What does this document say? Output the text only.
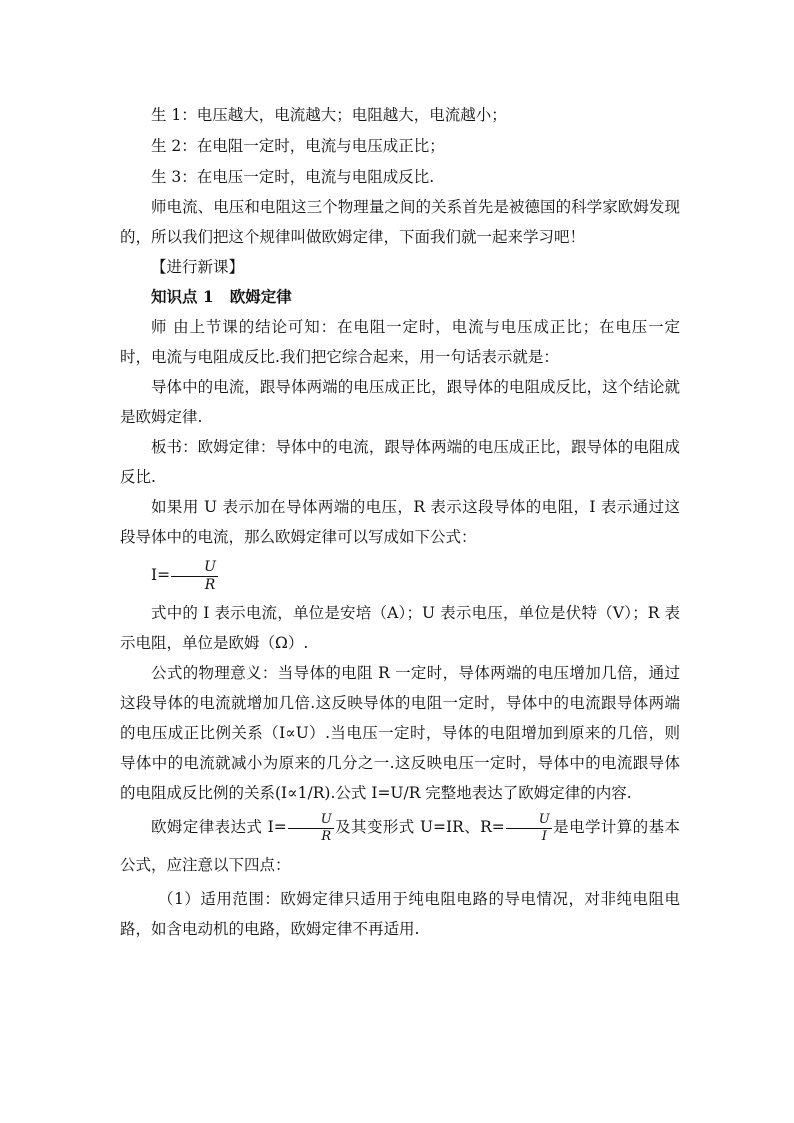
生 1：电压越大，电流越大；电阻越大，电流越小；

生 2：在电阻一定时，电流与电压成正比；

生 3：在电压一定时，电流与电阻成反比.

师电流、电压和电阻这三个物理量之间的关系首先是被德国的科学家欧姆发现的，所以我们把这个规律叫做欧姆定律，下面我们就一起来学习吧！

【进行新课】

知识点 1 欧姆定律

师 由上节课的结论可知：在电阻一定时，电流与电压成正比；在电压一定时，电流与电阻成反比.我们把它综合起来，用一句话表示就是：

导体中的电流，跟导体两端的电压成正比，跟导体的电阻成反比，这个结论就是欧姆定律.

板书：欧姆定律：导体中的电流，跟导体两端的电压成正比，跟导体的电阻成反比.

如果用 U 表示加在导体两端的电压，R 表示这段导体的电阻，I 表示通过这段导体中的电流，那么欧姆定律可以写成如下公式：

$I= \frac{U}{R}$

式中的 I 表示电流，单位是安培（A）；U 表示电压，单位是伏特（V）；R 表示电阻，单位是欧姆（Ω）.

公式的物理意义：当导体的电阻 R 一定时，导体两端的电压增加几倍，通过这段导体的电流就增加几倍.这反映导体的电阻一定时，导体中的电流跟导体两端的电压成正比例关系（I∝U）.当电压一定时，导体的电阻增加到原来的几倍，则导体中的电流就减小为原来的几分之一.这反映电压一定时，导体中的电流跟导体的电阻成反比例的关系(I∝1/R).公式 I=U/R 完整地表达了欧姆定律的内容.

欧姆定律表达式 $I= \frac{U}{R}$ 及其变形式 U=IR、$R= \frac{U}{I}$ 是电学计算的基本公式，应注意以下四点：

（1）适用范围：欧姆定律只适用于纯电阻电路的导电情况，对非纯电阻电路，如含电动机的电路，欧姆定律不再适用.
